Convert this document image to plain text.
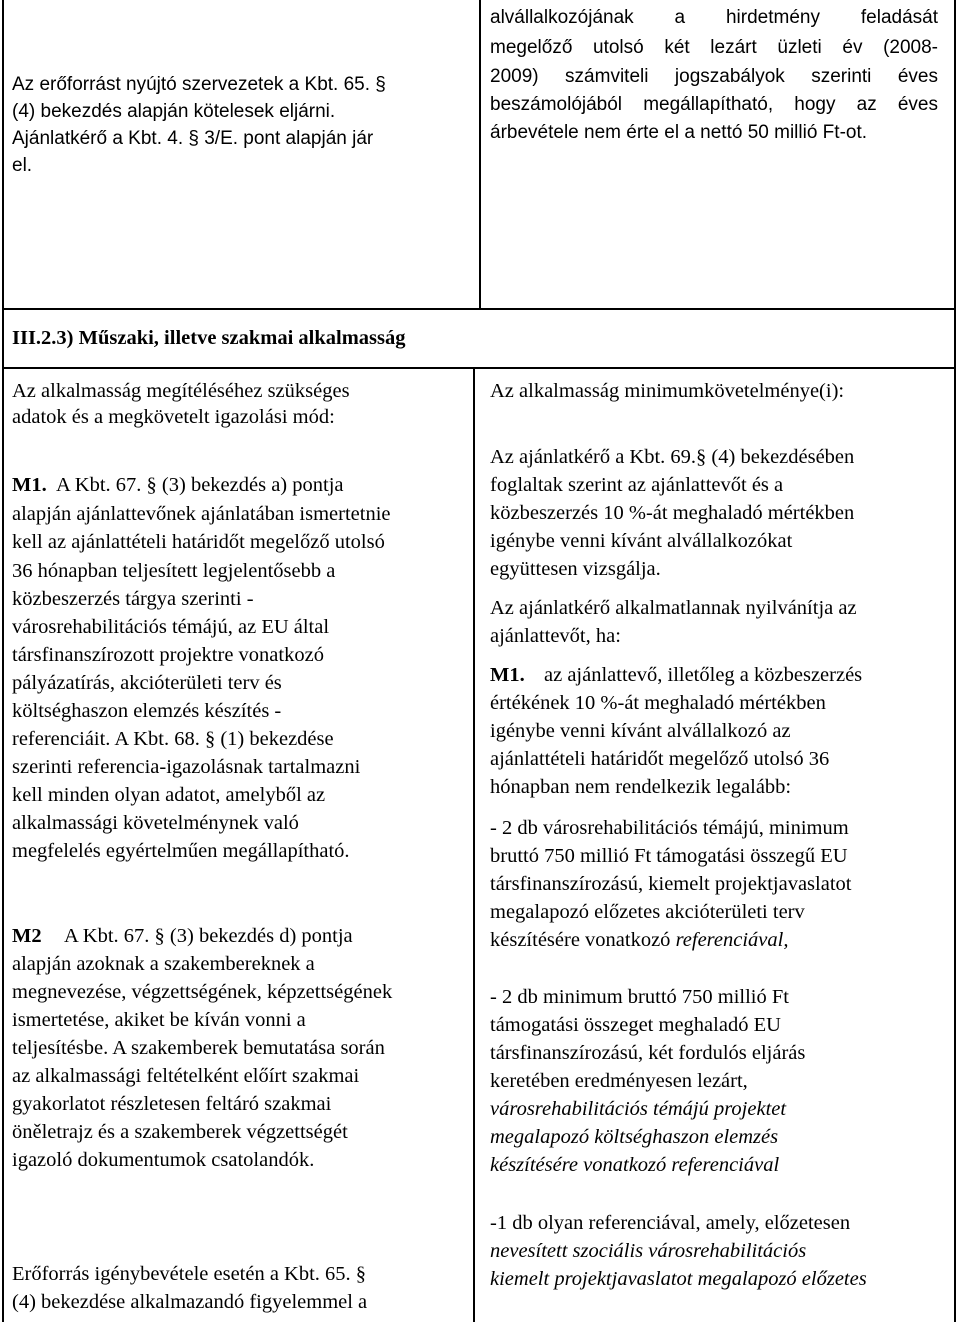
Az erőforrást nyújtó szervezetek a Kbt. 65. §
(4) bekezdés alapján kötelesek eljárni.
Ajánlatkérő a Kbt. 4. § 3/E. pont alapján jár
el.
alvállalkozójának a hirdetmény feladását
megelőző utolsó két lezárt üzleti év (2008-
2009) számviteli jogszabályok szerinti éves
beszámolójából megállapítható, hogy az éves
árbevétele nem érte el a nettó 50 millió Ft-ot.
III.2.3) Műszaki, illetve szakmai alkalmasság
Az alkalmasság megítéléséhez szükséges
adatok és a megkövetelt igazolási mód:
M1. A Kbt. 67. § (3) bekezdés a) pontja
alapján ajánlattevőnek ajánlatában ismertetnie
kell az ajánlattételi határidőt megelőző utolsó
36 hónapban teljesített legjelentősebb a
közbeszerzés tárgya szerinti -
városrehabilitációs témájú, az EU által
társfinanszírozott projektre vonatkozó
pályázatírás, akcióterületi terv és
költséghaszon elemzés készítés -
referenciáit. A Kbt. 68. § (1) bekezdése
szerinti referencia-igazolásnak tartalmazni
kell minden olyan adatot, amelyből az
alkalmassági követelménynek való
megfelelés egyértelműen megállapítható.
M2 A Kbt. 67. § (3) bekezdés d) pontja
alapján azoknak a szakembereknek a
megnevezése, végzettségének, képzettségének
ismertetése, akiket be kíván vonni a
teljesítésbe. A szakemberek bemutatása során
az alkalmassági feltételként előírt szakmai
gyakorlatot részletesen feltáró szakmai
öněletrajz és a szakemberek végzettségét
igazoló dokumentumok csatolandók.
Erőforrás igénybevétele esetén a Kbt. 65. §
(4) bekezdése alkalmazandó figyelemmel a
Az alkalmasság minimumkövetelménye(i):
Az ajánlatkérő a Kbt. 69.§ (4) bekezdésében
foglaltak szerint az ajánlattevőt és a
közbeszerzés 10 %-át meghaladó mértékben
igénybe venni kívánt alvállalkozókat
együttesen vizsgálja.
Az ajánlatkérő alkalmatlannak nyilvánítja az
ajánlattevőt, ha:
M1. az ajánlattevő, illetőleg a közbeszerzés
értékének 10 %-át meghaladó mértékben
igénybe venni kívánt alvállalkozó az
ajánlattételi határidőt megelőző utolsó 36
hónapban nem rendelkezik legalább:
- 2 db városrehabilitációs témájú, minimum
bruttó 750 millió Ft támogatási összegű EU
társfinanszírozású, kiemelt projektjavaslatot
megalapozó előzetes akcióterületi terv
készítésére vonatkozó referenciával,
- 2 db minimum bruttó 750 millió Ft
támogatási összeget meghaladó EU
társfinanszírozású, két fordulós eljárás
keretében eredményesen lezárt,
városrehabilitációs témájú projektet
megalapozó költséghaszon elemzés
készítésére vonatkozó referenciával
-1 db olyan referenciával, amely, előzetesen
nevesített szociális városrehabilitációs
kiemelt projektjavaslatot megalapozó előzetes
